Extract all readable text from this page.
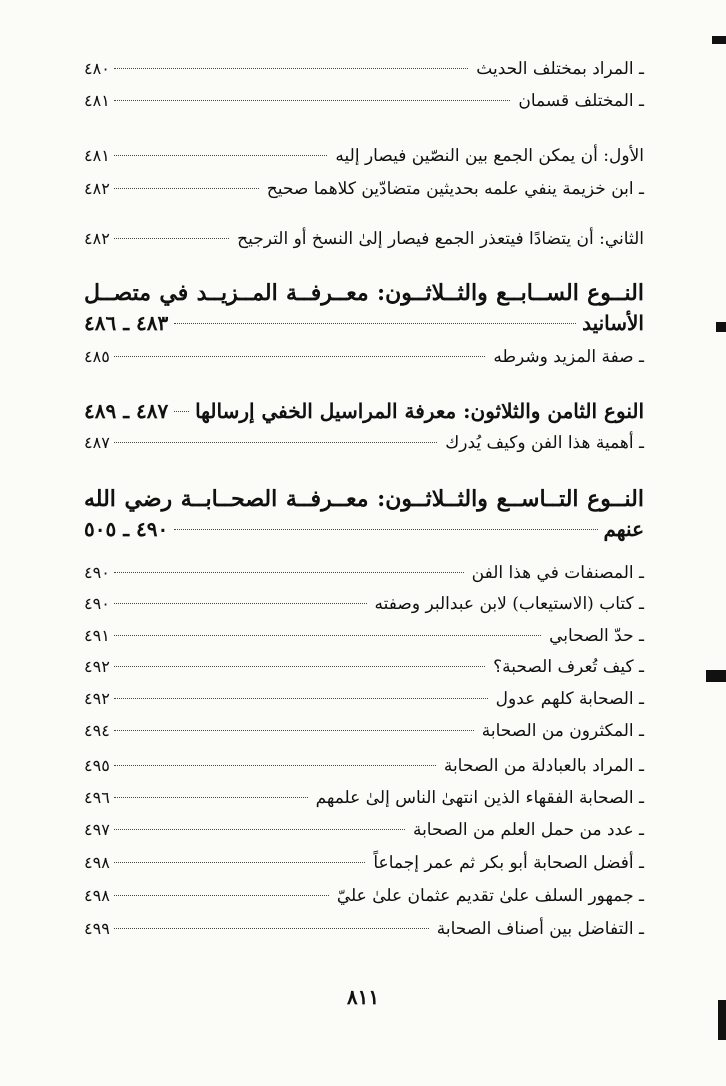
ـ المراد بمختلف الحديث
٤٨٠
ـ المختلف قسمان
٤٨١
الأول: أن يمكن الجمع بين النصّين فيصار إليه
٤٨١
ـ ابن خزيمة ينفي علمه بحديثين متضادّين كلاهما صحيح
٤٨٢
الثاني: أن يتضادًا فيتعذر الجمع فيصار إلىٰ النسخ أو الترجيح
٤٨٢
النــوع الســابــع والثــلاثــون: معــرفــة المــزيــد في متصــل
الأسانيد
٤٨٣ ـ ٤٨٦
ـ صفة المزيد وشرطه
٤٨٥
النوع الثامن والثلاثون: معرفة المراسيل الخفي إرسالها
٤٨٧ ـ ٤٨٩
ـ أهمية هذا الفن وكيف يُدرك
٤٨٧
النــوع التــاســع والثــلاثــون: معــرفــة الصحــابــة رضي الله
عنهم
٤٩٠ ـ ٥٠٥
ـ المصنفات في هذا الفن
٤٩٠
ـ كتاب (الاستيعاب) لابن عبدالبر وصفته
٤٩٠
ـ حدّ الصحابي
٤٩١
ـ كيف تُعرف الصحبة؟
٤٩٢
ـ الصحابة كلهم عدول
٤٩٢
ـ المكثرون من الصحابة
٤٩٤
ـ المراد بالعبادلة من الصحابة
٤٩٥
ـ الصحابة الفقهاء الذين انتهىٰ الناس إلىٰ علمهم
٤٩٦
ـ عدد من حمل العلم من الصحابة
٤٩٧
ـ أفضل الصحابة أبو بكر ثم عمر إجماعاً
٤٩٨
ـ جمهور السلف علىٰ تقديم عثمان علىٰ عليّ
٤٩٨
ـ التفاضل بين أصناف الصحابة
٤٩٩
٨١١
